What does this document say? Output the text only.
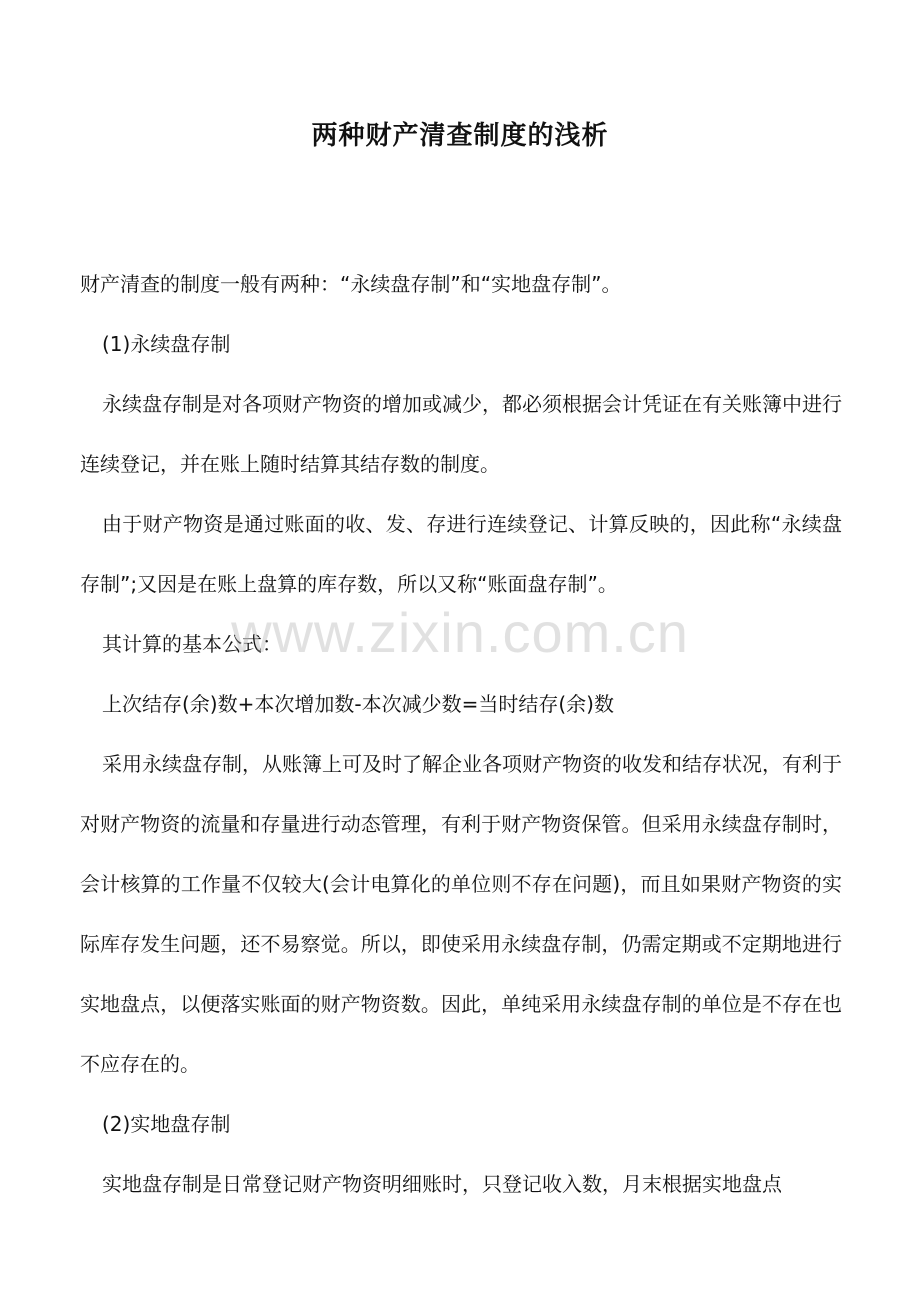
两种财产清查制度的浅析

财产清查的制度一般有两种：“永续盘存制”和“实地盘存制”。

(1)永续盘存制

永续盘存制是对各项财产物资的增加或减少，都必须根据会计凭证在有关账簿中进行连续登记，并在账上随时结算其结存数的制度。

由于财产物资是通过账面的收、发、存进行连续登记、计算反映的，因此称“永续盘存制”;又因是在账上盘算的库存数，所以又称“账面盘存制”。

其计算的基本公式：

上次结存(余)数+本次增加数-本次减少数=当时结存(余)数

采用永续盘存制，从账簿上可及时了解企业各项财产物资的收发和结存状况，有利于对财产物资的流量和存量进行动态管理，有利于财产物资保管。但采用永续盘存制时，会计核算的工作量不仅较大(会计电算化的单位则不存在问题)，而且如果财产物资的实际库存发生问题，还不易察觉。所以，即使采用永续盘存制，仍需定期或不定期地进行实地盘点，以便落实账面的财产物资数。因此，单纯采用永续盘存制的单位是不存在也不应存在的。

(2)实地盘存制

实地盘存制是日常登记财产物资明细账时，只登记收入数，月末根据实地盘点

www.zixin.com.cn
